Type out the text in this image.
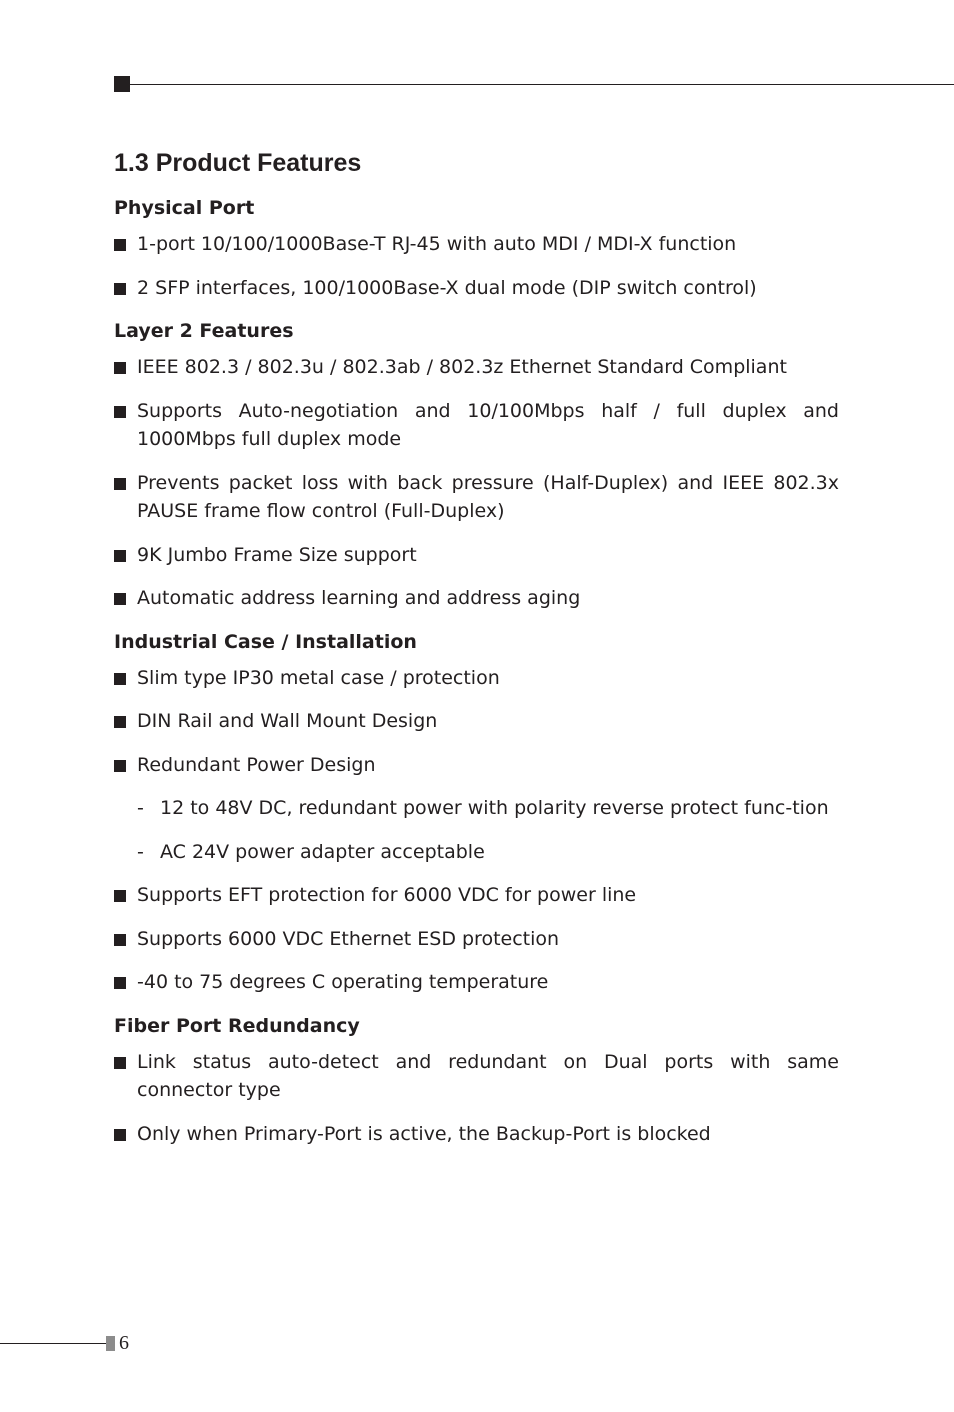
1.3 Product Features
Physical Port
1-port 10/100/1000Base-T RJ-45 with auto MDI / MDI-X function
2 SFP interfaces, 100/1000Base-X dual mode (DIP switch control)
Layer 2 Features
IEEE 802.3 / 802.3u / 802.3ab / 802.3z Ethernet Standard Compliant
Supports Auto-negotiation and 10/100Mbps half / full duplex and 1000Mbps full duplex mode
Prevents packet loss with back pressure (Half-Duplex) and IEEE 802.3x PAUSE frame flow control (Full-Duplex)
9K Jumbo Frame Size support
Automatic address learning and address aging
Industrial Case / Installation
Slim type IP30 metal case / protection
DIN Rail and Wall Mount Design
Redundant Power Design
- 12 to 48V DC, redundant power with polarity reverse protect func-tion
- AC 24V power adapter acceptable
Supports EFT protection for 6000 VDC for power line
Supports 6000 VDC Ethernet ESD protection
-40 to 75 degrees C operating temperature
Fiber Port Redundancy
Link status auto-detect and redundant on Dual ports with same connector type
Only when Primary-Port is active, the Backup-Port is blocked
6
